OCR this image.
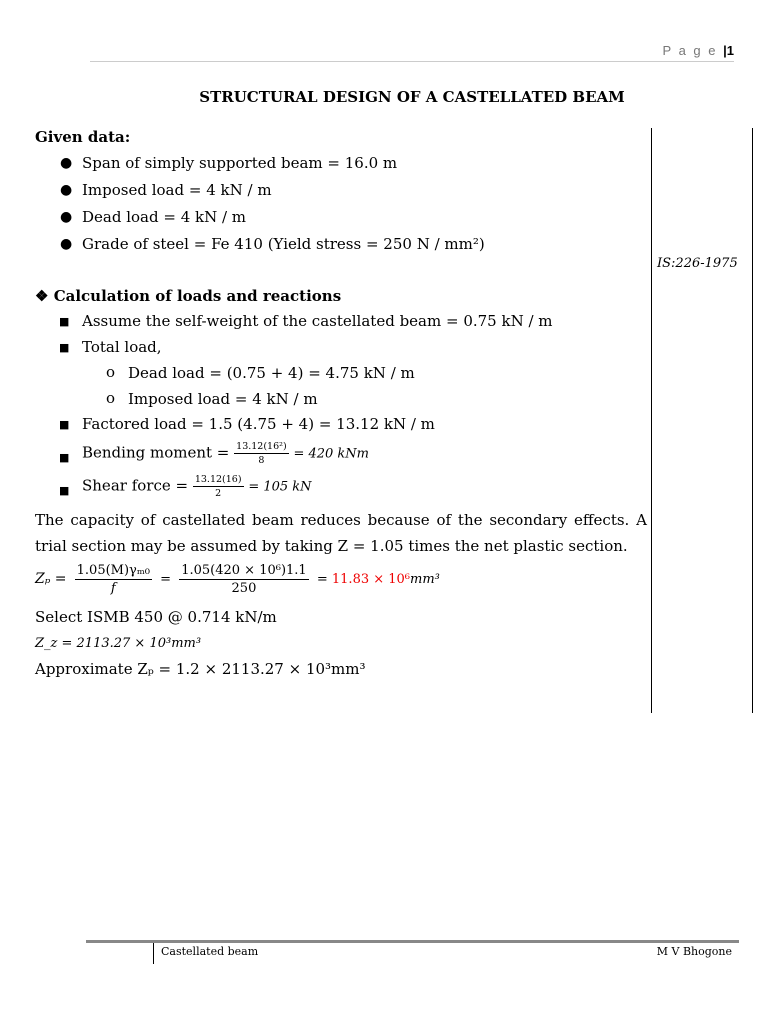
P a g e |1
STRUCTURAL DESIGN OF A CASTELLATED BEAM
Given data:
● Span of simply supported beam = 16.0 m
● Imposed load = 4 kN / m
● Dead load = 4 kN / m
● Grade of steel = Fe 410 (Yield stress = 250 N / mm²)
IS:226-1975
❖ Calculation of loads and reactions
■ Assume the self-weight of the castellated beam = 0.75 kN / m
■ Total load,
o Dead load = (0.75 + 4) = 4.75 kN / m
o Imposed load = 4 kN / m
■ Factored load = 1.5 (4.75 + 4) = 13.12 kN / m
■ Bending moment = $\frac{\text{13.12(16²)}}{8} = 420$ kNm
■ Shear force = $\frac{13.12(16)}{2} = 105$ kN
The capacity of castellated beam reduces because of the secondary effects. A trial section may be assumed by taking Z = 1.05 times the net plastic section.
$Z_p = \frac{\text{1.05(M)γₘ₀}}{f} = \frac{\text{1.05(420 × 10⁶)1.1}}{250} = 11.83 \times 10^6mm^3$
Select ISMB 450 @ 0.714 kN/m
Z_z = 2113.27 × 10³mm³
Approximate Zₚ = 1.2 × 2113.27 × 10³mm³
Castellated beam	M V Bhogone
